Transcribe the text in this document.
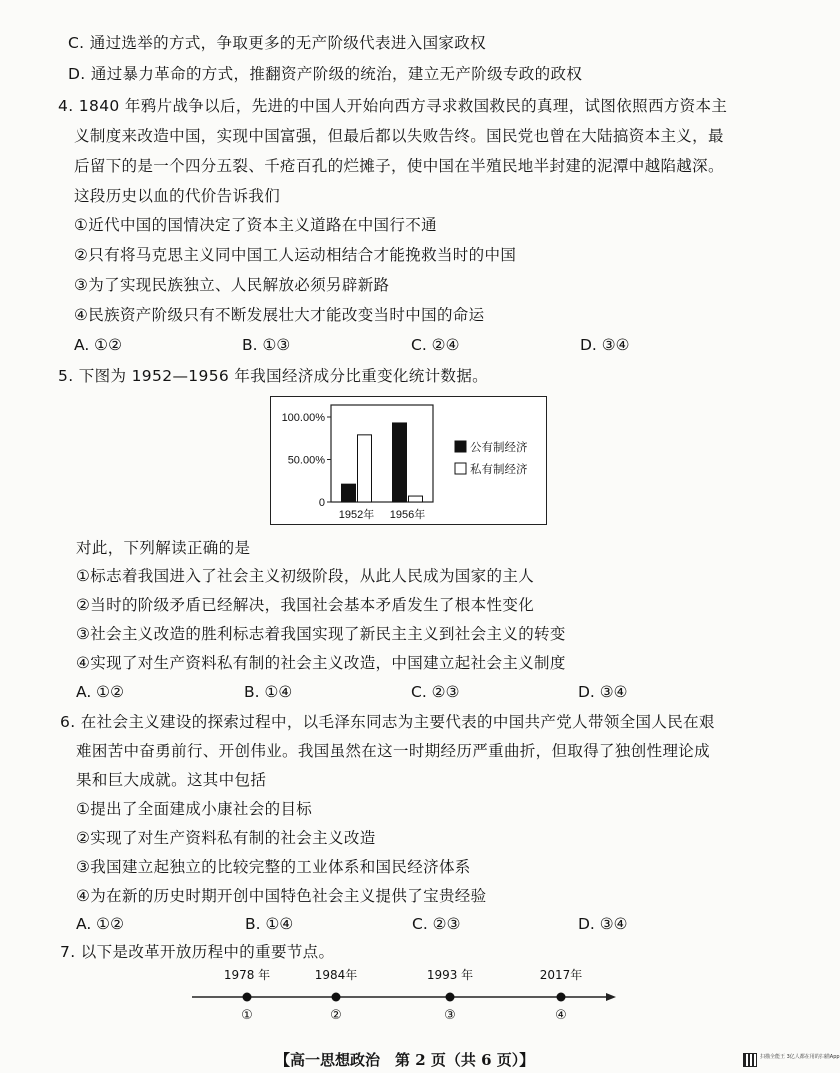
C. 通过选举的方式，争取更多的无产阶级代表进入国家政权
D. 通过暴力革命的方式，推翻资产阶级的统治，建立无产阶级专政的政权
4. 1840 年鸦片战争以后，先进的中国人开始向西方寻求救国救民的真理，试图依照西方资本主
义制度来改造中国，实现中国富强，但最后都以失败告终。国民党也曾在大陆搞资本主义，最
后留下的是一个四分五裂、千疮百孔的烂摊子，使中国在半殖民地半封建的泥潭中越陷越深。
这段历史以血的代价告诉我们
①近代中国的国情决定了资本主义道路在中国行不通
②只有将马克思主义同中国工人运动相结合才能挽救当时的中国
③为了实现民族独立、人民解放必须另辟新路
④民族资产阶级只有不断发展壮大才能改变当时中国的命运
A. ①②	B. ①③	C. ②④	D. ③④
5. 下图为 1952—1956 年我国经济成分比重变化统计数据。
0
50.00%
100.00%
1952年 1956年
公有制经济
私有制经济
对此，下列解读正确的是
①标志着我国进入了社会主义初级阶段，从此人民成为国家的主人
②当时的阶级矛盾已经解决，我国社会基本矛盾发生了根本性变化
③社会主义改造的胜利标志着我国实现了新民主主义到社会主义的转变
④实现了对生产资料私有制的社会主义改造，中国建立起社会主义制度
A. ①②	B. ①④	C. ②③	D. ③④
6. 在社会主义建设的探索过程中，以毛泽东同志为主要代表的中国共产党人带领全国人民在艰
难困苦中奋勇前行、开创伟业。我国虽然在这一时期经历严重曲折，但取得了独创性理论成
果和巨大成就。这其中包括
①提出了全面建成小康社会的目标
②实现了对生产资料私有制的社会主义改造
③我国建立起独立的比较完整的工业体系和国民经济体系
④为在新的历史时期开创中国特色社会主义提供了宝贵经验
A. ①②	B. ①④	C. ②③	D. ③④
7. 以下是改革开放历程中的重要节点。
1978 年
①
1984年
②
1993 年
③
2017年
④
【高一思想政治　第 2 页（共 6 页）】	扫描全能王 3亿人都在用的扫描App
